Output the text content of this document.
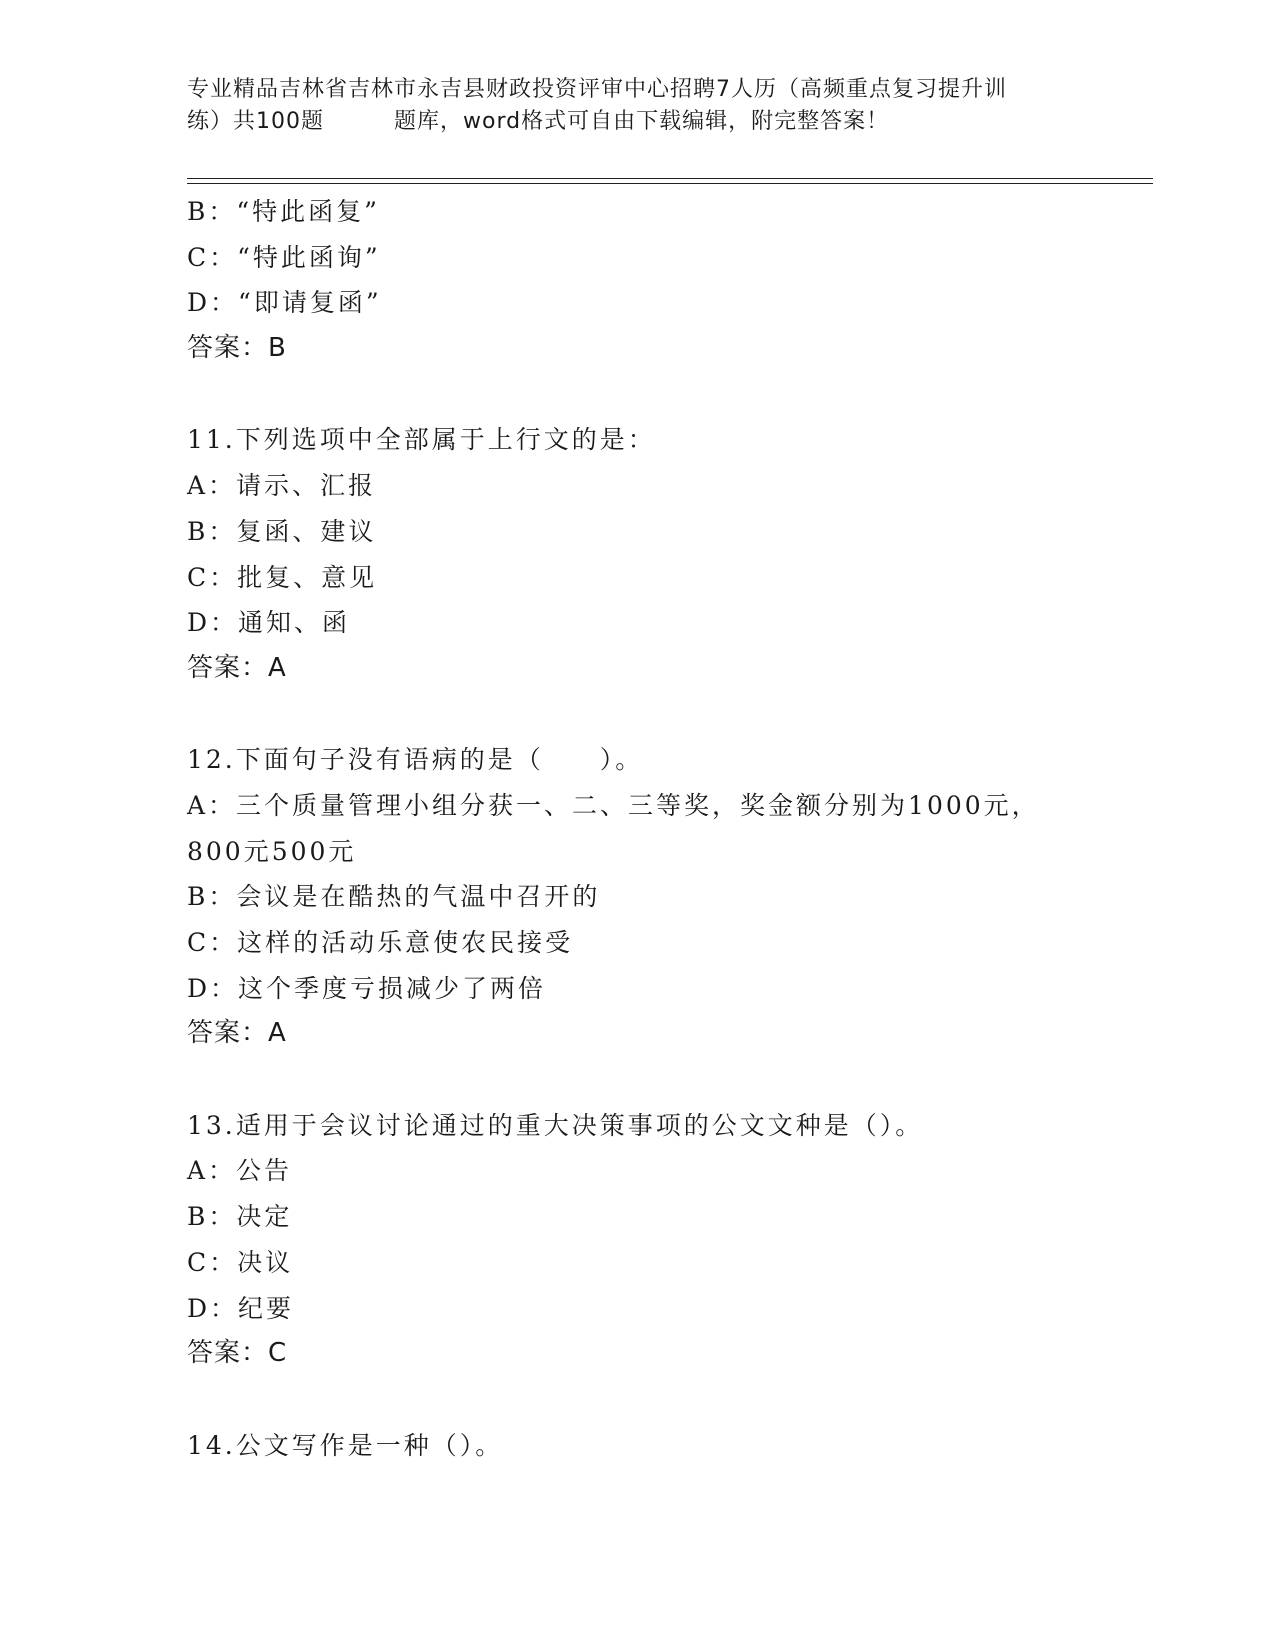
专业精品吉林省吉林市永吉县财政投资评审中心招聘7人历（高频重点复习提升训
练）共100题	题库，word格式可自由下载编辑，附完整答案！
B：“特此函复”
C：“特此函询”
D：“即请复函”
答案：B
11.下列选项中全部属于上行文的是：
A：请示、汇报
B：复函、建议
C：批复、意见
D：通知、函
答案：A
12.下面句子没有语病的是（　　）。
A：三个质量管理小组分获一、二、三等奖，奖金额分别为1000元，
800元500元
B：会议是在酷热的气温中召开的
C：这样的活动乐意使农民接受
D：这个季度亏损减少了两倍
答案：A
13.适用于会议讨论通过的重大决策事项的公文文种是（）。
A：公告
B：决定
C：决议
D：纪要
答案：C
14.公文写作是一种（）。
